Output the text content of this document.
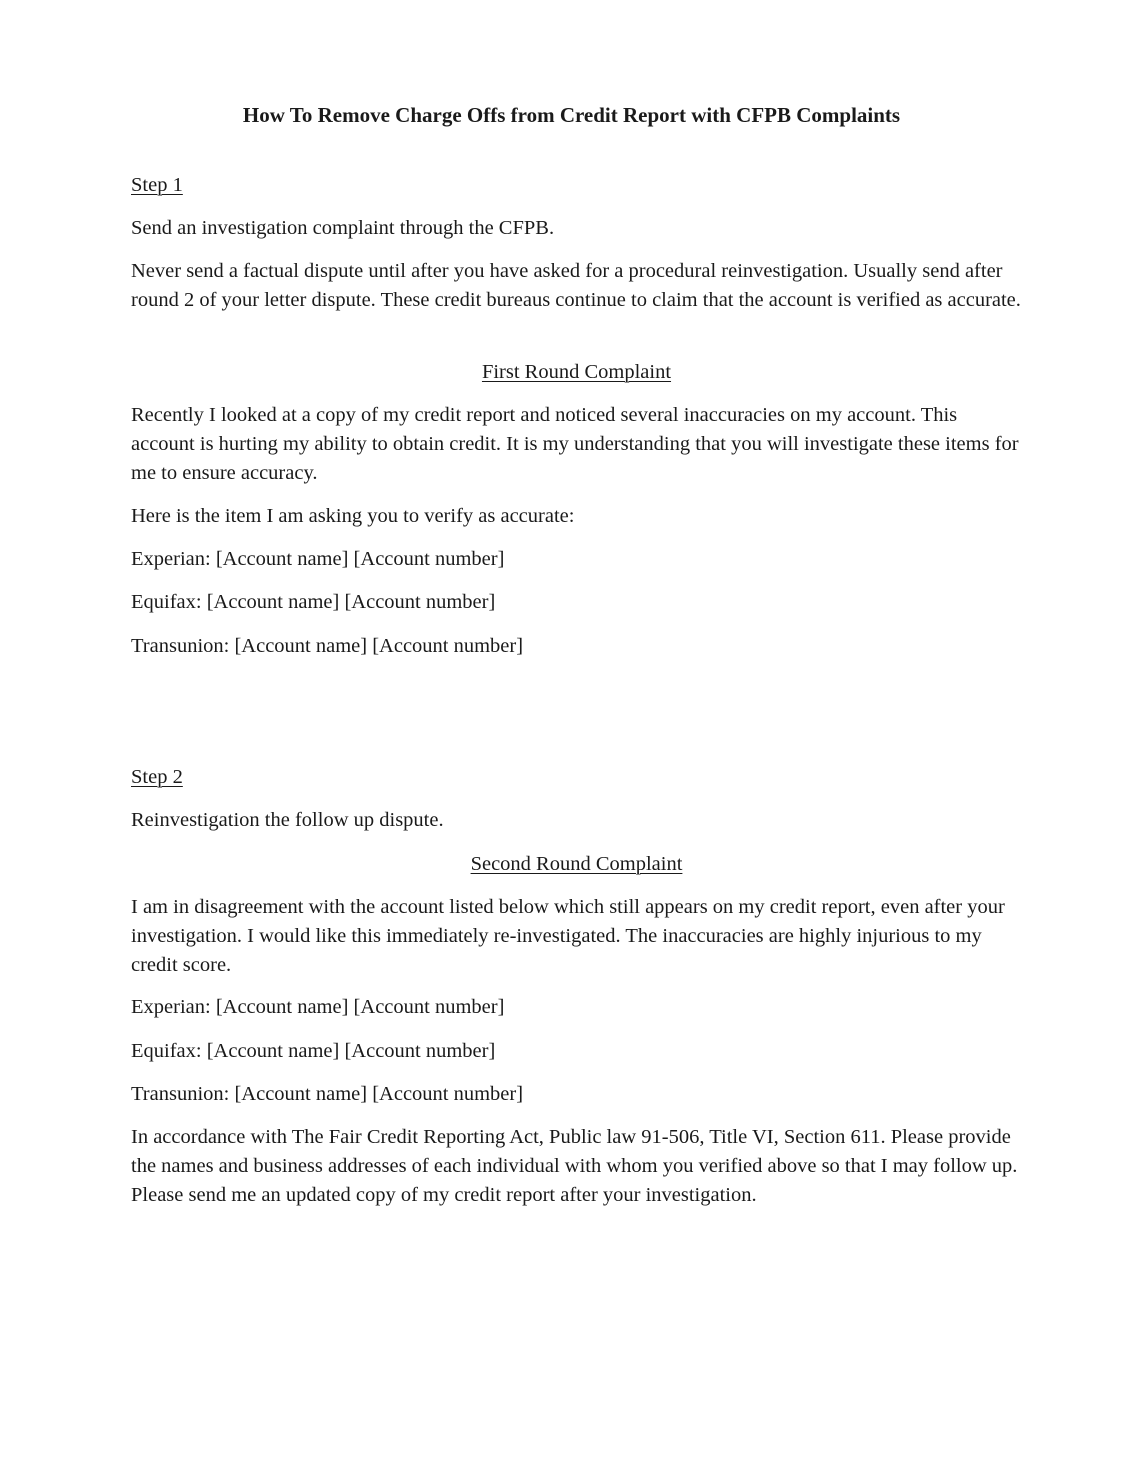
How To Remove Charge Offs from Credit Report with CFPB Complaints

Step 1

Send an investigation complaint through the CFPB.

Never send a factual dispute until after you have asked for a procedural reinvestigation. Usually send after round 2 of your letter dispute. These credit bureaus continue to claim that the account is verified as accurate.

First Round Complaint

Recently I looked at a copy of my credit report and noticed several inaccuracies on my account. This account is hurting my ability to obtain credit. It is my understanding that you will investigate these items for me to ensure accuracy.

Here is the item I am asking you to verify as accurate:

Experian: [Account name] [Account number]

Equifax: [Account name] [Account number]

Transunion: [Account name] [Account number]

Step 2

Reinvestigation the follow up dispute.

Second Round Complaint

I am in disagreement with the account listed below which still appears on my credit report, even after your investigation. I would like this immediately re-investigated. The inaccuracies are highly injurious to my credit score.

Experian: [Account name] [Account number]

Equifax: [Account name] [Account number]

Transunion: [Account name] [Account number]

In accordance with The Fair Credit Reporting Act, Public law 91-506, Title VI, Section 611. Please provide the names and business addresses of each individual with whom you verified above so that I may follow up. Please send me an updated copy of my credit report after your investigation.
